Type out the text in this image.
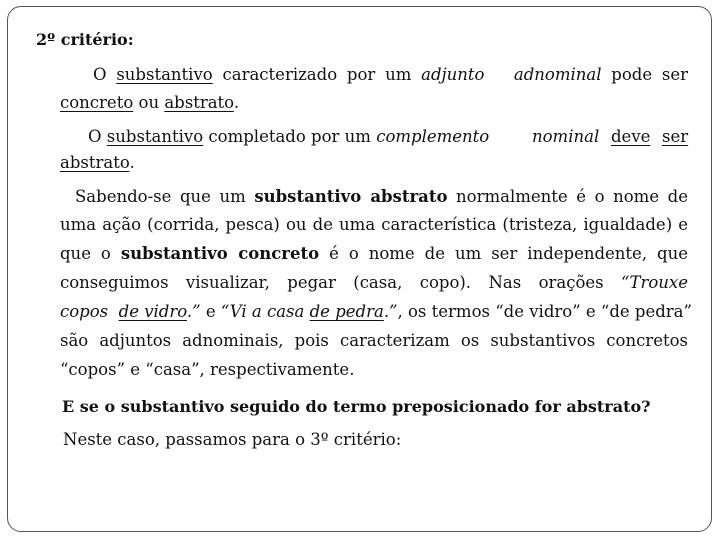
2º critério:
O substantivo caracterizado por um adjunto adnominal pode ser
concreto ou abstrato.
O substantivo completado por um complemento	nominal deve ser
abstrato.
Sabendo-se que um substantivo abstrato normalmente é o nome de
uma ação (corrida, pesca) ou de uma característica (tristeza, igualdade) e
que o substantivo concreto é o nome de um ser independente, que
conseguimos visualizar, pegar (casa, copo). Nas orações “Trouxe
copos  de vidro.” e “Vi a casa de pedra.”, os termos “de vidro” e “de pedra”
são adjuntos adnominais, pois caracterizam os substantivos concretos
“copos” e “casa”, respectivamente.
E se o substantivo seguido do termo preposicionado for abstrato?
Neste caso, passamos para o 3º critério:
